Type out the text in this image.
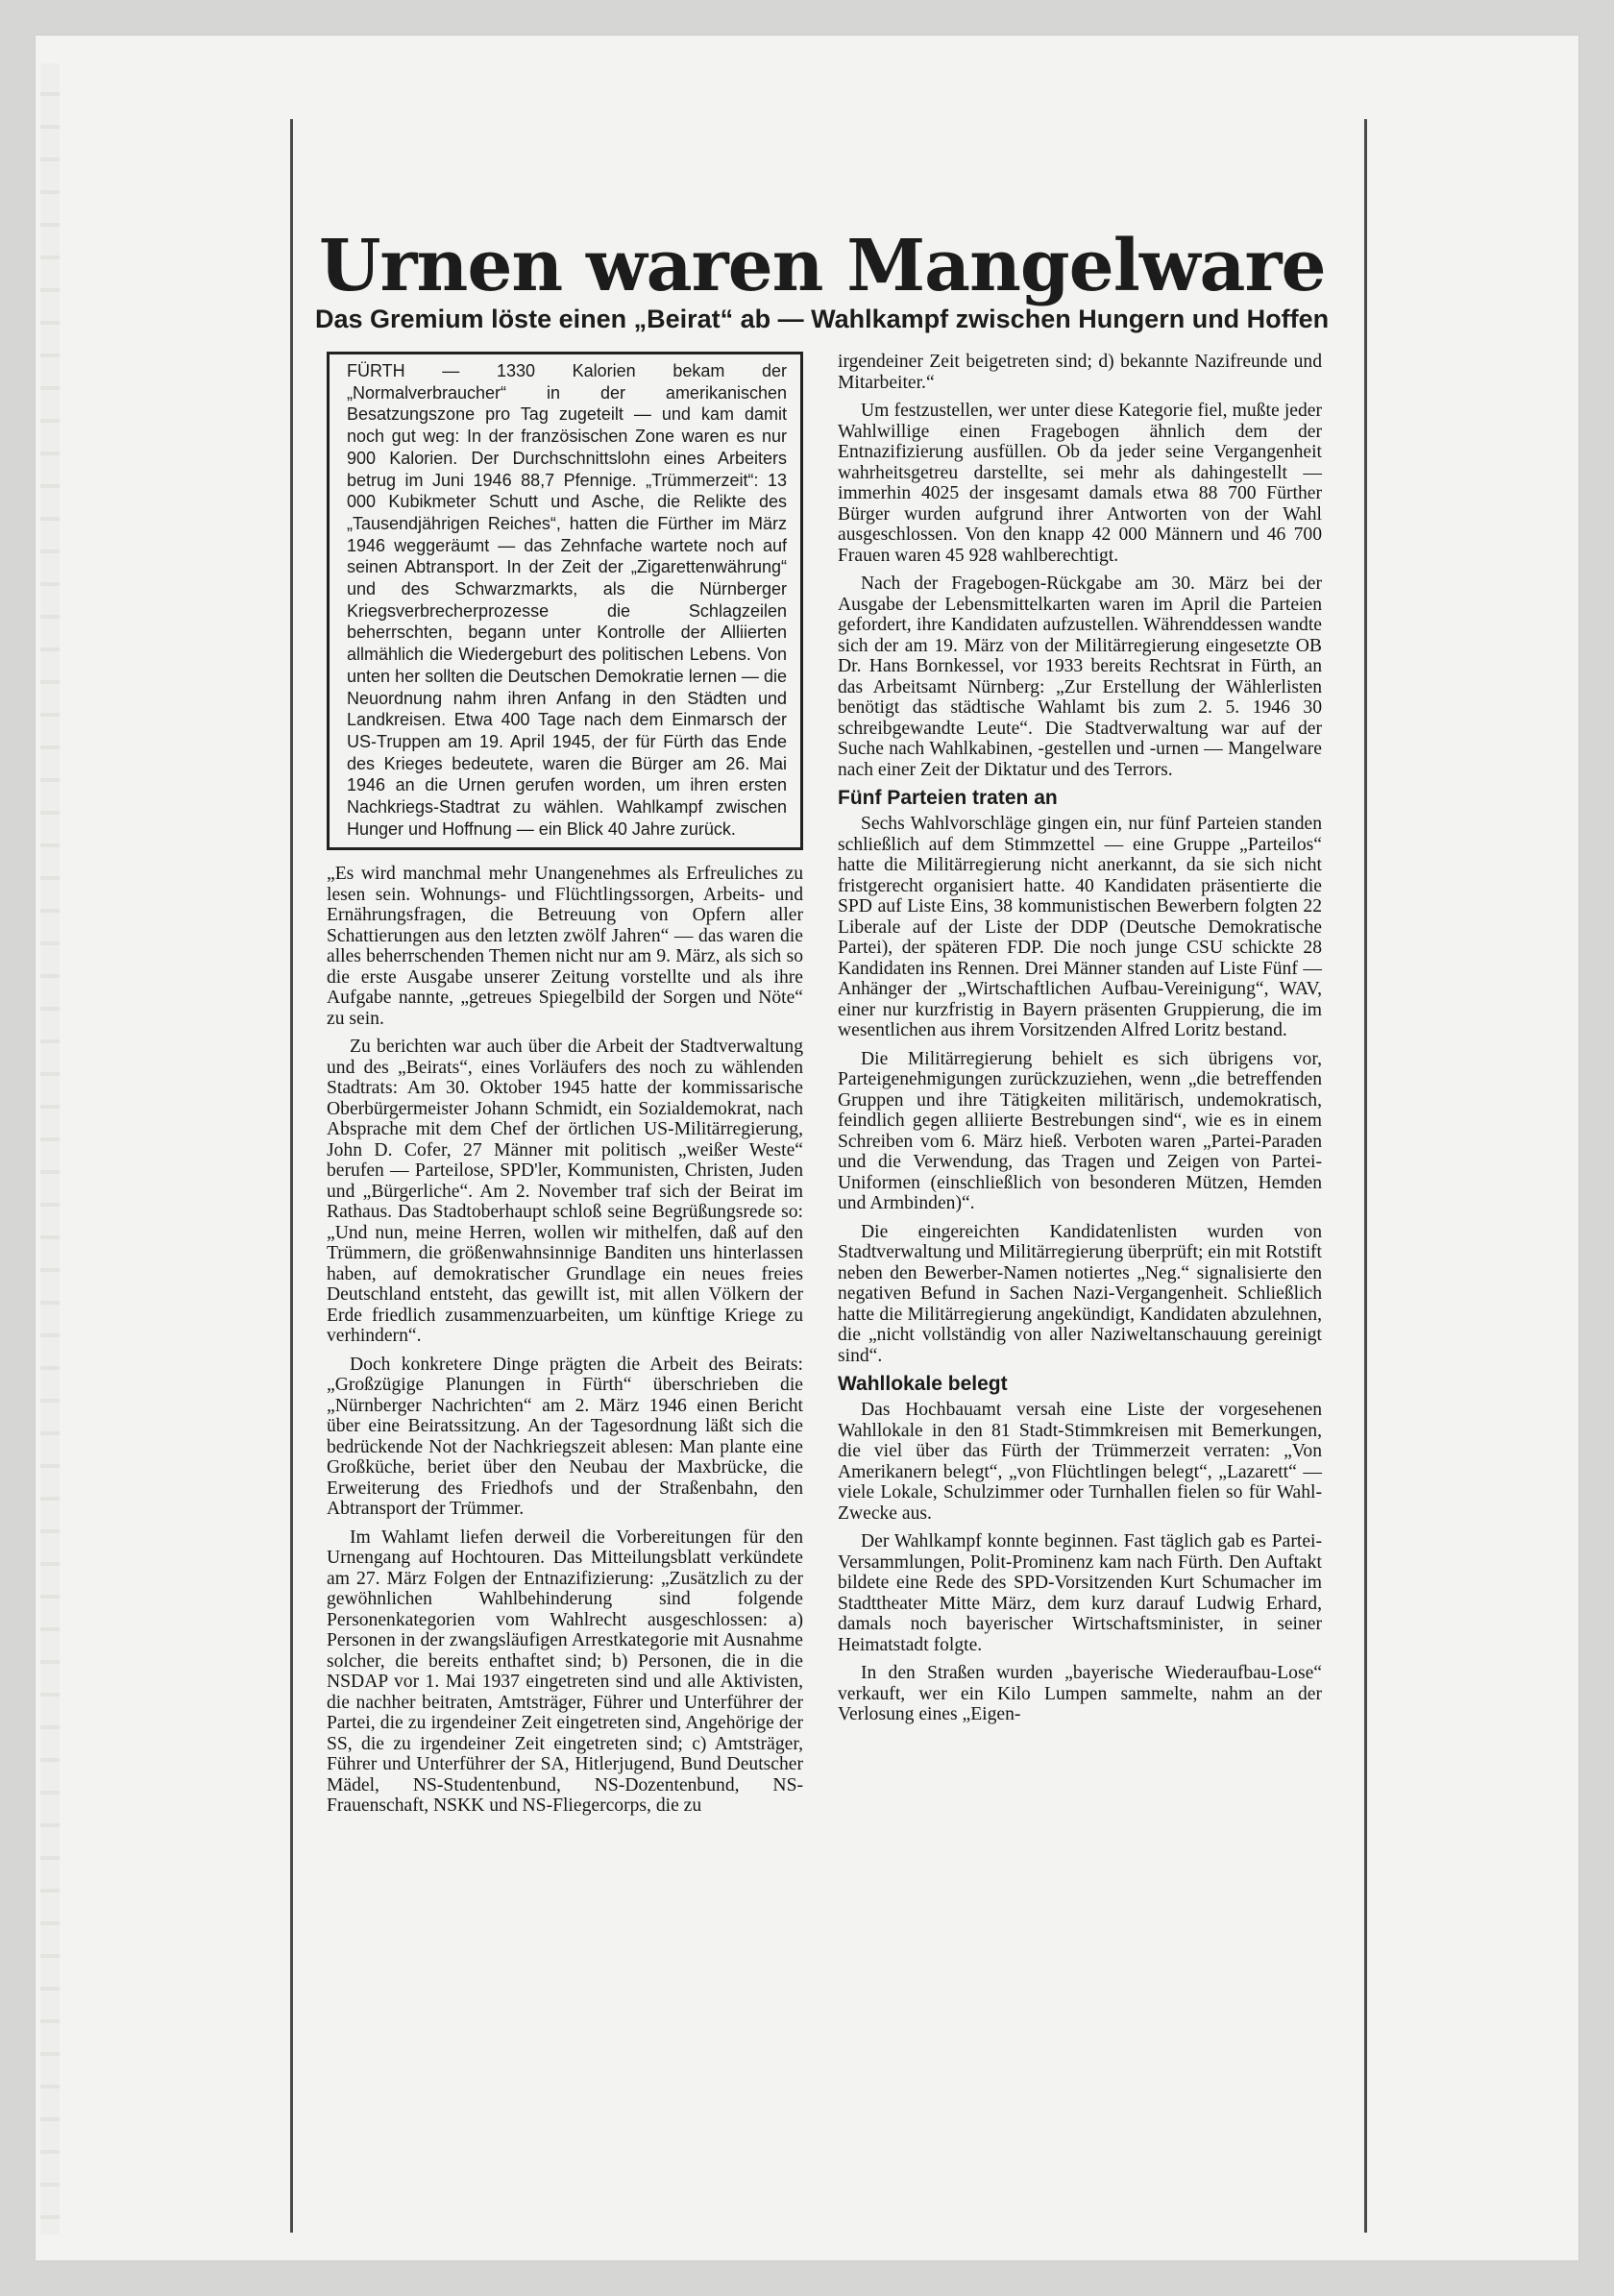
Urnen waren Mangelware
Das Gremium löste einen „Beirat“ ab — Wahlkampf zwischen Hungern und Hoffen
FÜRTH — 1330 Kalorien bekam der „Normalverbraucher“ in der amerikanischen Besatzungszone pro Tag zugeteilt — und kam damit noch gut weg: In der französischen Zone waren es nur 900 Kalorien. Der Durchschnittslohn eines Arbeiters betrug im Juni 1946 88,7 Pfennige. „Trümmerzeit“: 13 000 Kubikmeter Schutt und Asche, die Relikte des „Tausendjährigen Reiches“, hatten die Fürther im März 1946 weggeräumt — das Zehnfache wartete noch auf seinen Abtransport. In der Zeit der „Zigarettenwährung“ und des Schwarzmarkts, als die Nürnberger Kriegsverbrecherprozesse die Schlagzeilen beherrschten, begann unter Kontrolle der Alliierten allmählich die Wiedergeburt des politischen Lebens. Von unten her sollten die Deutschen Demokratie lernen — die Neuordnung nahm ihren Anfang in den Städten und Landkreisen. Etwa 400 Tage nach dem Einmarsch der US-Truppen am 19. April 1945, der für Fürth das Ende des Krieges bedeutete, waren die Bürger am 26. Mai 1946 an die Urnen gerufen worden, um ihren ersten Nachkriegs-Stadtrat zu wählen. Wahlkampf zwischen Hunger und Hoffnung — ein Blick 40 Jahre zurück.

„Es wird manchmal mehr Unangenehmes als Erfreuliches zu lesen sein. Wohnungs- und Flüchtlingssorgen, Arbeits- und Ernährungsfragen, die Betreuung von Opfern aller Schattierungen aus den letzten zwölf Jahren“ — das waren die alles beherrschenden Themen nicht nur am 9. März, als sich so die erste Ausgabe unserer Zeitung vorstellte und als ihre Aufgabe nannte, „getreues Spiegelbild der Sorgen und Nöte“ zu sein.

Zu berichten war auch über die Arbeit der Stadtverwaltung und des „Beirats“, eines Vorläufers des noch zu wählenden Stadtrats: Am 30. Oktober 1945 hatte der kommissarische Oberbürgermeister Johann Schmidt, ein Sozialdemokrat, nach Absprache mit dem Chef der örtlichen US-Militärregierung, John D. Cofer, 27 Männer mit politisch „weißer Weste“ berufen — Parteilose, SPD'ler, Kommunisten, Christen, Juden und „Bürgerliche“. Am 2. November traf sich der Beirat im Rathaus. Das Stadtoberhaupt schloß seine Begrüßungsrede so: „Und nun, meine Herren, wollen wir mithelfen, daß auf den Trümmern, die größenwahnsinnige Banditen uns hinterlassen haben, auf demokratischer Grundlage ein neues freies Deutschland entsteht, das gewillt ist, mit allen Völkern der Erde friedlich zusammenzuarbeiten, um künftige Kriege zu verhindern“.

Doch konkretere Dinge prägten die Arbeit des Beirats: „Großzügige Planungen in Fürth“ überschrieben die „Nürnberger Nachrichten“ am 2. März 1946 einen Bericht über eine Beiratssitzung. An der Tagesordnung läßt sich die bedrückende Not der Nachkriegszeit ablesen: Man plante eine Großküche, beriet über den Neubau der Maxbrücke, die Erweiterung des Friedhofs und der Straßenbahn, den Abtransport der Trümmer.

Im Wahlamt liefen derweil die Vorbereitungen für den Urnengang auf Hochtouren. Das Mitteilungsblatt verkündete am 27. März Folgen der Entnazifizierung: „Zusätzlich zu der gewöhnlichen Wahlbehinderung sind folgende Personenkategorien vom Wahlrecht ausgeschlossen: a) Personen in der zwangsläufigen Arrestkategorie mit Ausnahme solcher, die bereits enthaftet sind; b) Personen, die in die NSDAP vor 1. Mai 1937 eingetreten sind und alle Aktivisten, die nachher beitraten, Amtsträger, Führer und Unterführer der Partei, die zu irgendeiner Zeit eingetreten sind, Angehörige der SS, die zu irgendeiner Zeit eingetreten sind; c) Amtsträger, Führer und Unterführer der SA, Hitlerjugend, Bund Deutscher Mädel, NS-Studentenbund, NS-Dozentenbund, NS-Frauenschaft, NSKK und NS-Fliegercorps, die zu

irgendeiner Zeit beigetreten sind; d) bekannte Nazifreunde und Mitarbeiter.“

Um festzustellen, wer unter diese Kategorie fiel, mußte jeder Wahlwillige einen Fragebogen ähnlich dem der Entnazifizierung ausfüllen. Ob da jeder seine Vergangenheit wahrheitsgetreu darstellte, sei mehr als dahingestellt — immerhin 4025 der insgesamt damals etwa 88 700 Fürther Bürger wurden aufgrund ihrer Antworten von der Wahl ausgeschlossen. Von den knapp 42 000 Männern und 46 700 Frauen waren 45 928 wahlberechtigt.

Nach der Fragebogen-Rückgabe am 30. März bei der Ausgabe der Lebensmittelkarten waren im April die Parteien gefordert, ihre Kandidaten aufzustellen. Währenddessen wandte sich der am 19. März von der Militärregierung eingesetzte OB Dr. Hans Bornkessel, vor 1933 bereits Rechtsrat in Fürth, an das Arbeitsamt Nürnberg: „Zur Erstellung der Wählerlisten benötigt das städtische Wahlamt bis zum 2. 5. 1946 30 schreibgewandte Leute“. Die Stadtverwaltung war auf der Suche nach Wahlkabinen, -gestellen und -urnen — Mangelware nach einer Zeit der Diktatur und des Terrors.

Fünf Parteien traten an

Sechs Wahlvorschläge gingen ein, nur fünf Parteien standen schließlich auf dem Stimmzettel — eine Gruppe „Parteilos“ hatte die Militärregierung nicht anerkannt, da sie sich nicht fristgerecht organisiert hatte. 40 Kandidaten präsentierte die SPD auf Liste Eins, 38 kommunistischen Bewerbern folgten 22 Liberale auf der Liste der DDP (Deutsche Demokratische Partei), der späteren FDP. Die noch junge CSU schickte 28 Kandidaten ins Rennen. Drei Männer standen auf Liste Fünf — Anhänger der „Wirtschaftlichen Aufbau-Vereinigung“, WAV, einer nur kurzfristig in Bayern präsenten Gruppierung, die im wesentlichen aus ihrem Vorsitzenden Alfred Loritz bestand.

Die Militärregierung behielt es sich übrigens vor, Parteigenehmigungen zurückzuziehen, wenn „die betreffenden Gruppen und ihre Tätigkeiten militärisch, undemokratisch, feindlich gegen alliierte Bestrebungen sind“, wie es in einem Schreiben vom 6. März hieß. Verboten waren „Partei-Paraden und die Verwendung, das Tragen und Zeigen von Partei-Uniformen (einschließlich von besonderen Mützen, Hemden und Armbinden)“.

Die eingereichten Kandidatenlisten wurden von Stadtverwaltung und Militärregierung überprüft; ein mit Rotstift neben den Bewerber-Namen notiertes „Neg.“ signalisierte den negativen Befund in Sachen Nazi-Vergangenheit. Schließlich hatte die Militärregierung angekündigt, Kandidaten abzulehnen, die „nicht vollständig von aller Naziweltanschauung gereinigt sind“.

Wahllokale belegt

Das Hochbauamt versah eine Liste der vorgesehenen Wahllokale in den 81 Stadt-Stimmkreisen mit Bemerkungen, die viel über das Fürth der Trümmerzeit verraten: „Von Amerikanern belegt“, „von Flüchtlingen belegt“, „Lazarett“ — viele Lokale, Schulzimmer oder Turnhallen fielen so für Wahl-Zwecke aus.

Der Wahlkampf konnte beginnen. Fast täglich gab es Partei-Versammlungen, Polit-Prominenz kam nach Fürth. Den Auftakt bildete eine Rede des SPD-Vorsitzenden Kurt Schumacher im Stadttheater Mitte März, dem kurz darauf Ludwig Erhard, damals noch bayerischer Wirtschaftsminister, in seiner Heimatstadt folgte.

In den Straßen wurden „bayerische Wiederaufbau-Lose“ verkauft, wer ein Kilo Lumpen sammelte, nahm an der Verlosung eines „Eigen-
